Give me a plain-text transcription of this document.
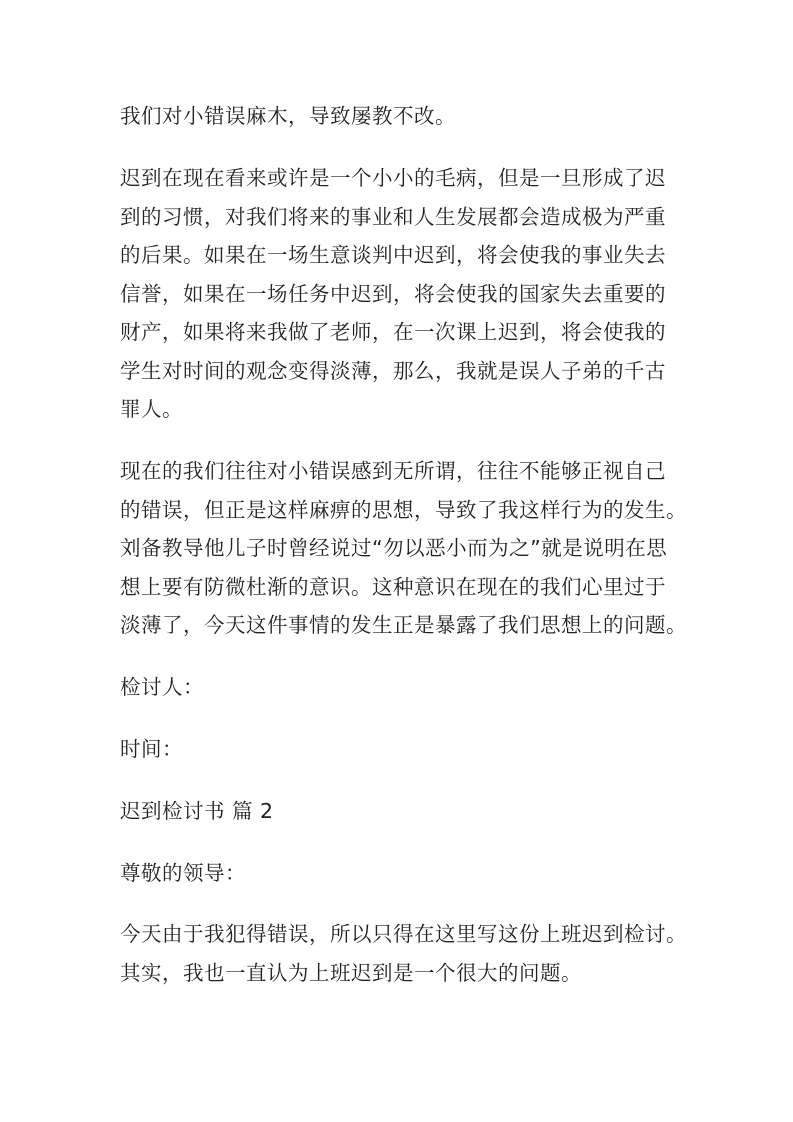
我们对小错误麻木，导致屡教不改。
迟到在现在看来或许是一个小小的毛病，但是一旦形成了迟
到的习惯，对我们将来的事业和人生发展都会造成极为严重
的后果。如果在一场生意谈判中迟到，将会使我的事业失去
信誉，如果在一场任务中迟到，将会使我的国家失去重要的
财产，如果将来我做了老师，在一次课上迟到，将会使我的
学生对时间的观念变得淡薄，那么，我就是误人子弟的千古
罪人。
现在的我们往往对小错误感到无所谓，往往不能够正视自己
的错误，但正是这样麻痹的思想，导致了我这样行为的发生。
刘备教导他儿子时曾经说过“勿以恶小而为之”就是说明在思
想上要有防微杜渐的意识。这种意识在现在的我们心里过于
淡薄了，今天这件事情的发生正是暴露了我们思想上的问题。
检讨人：
时间：
迟到检讨书 篇 2
尊敬的领导：
今天由于我犯得错误，所以只得在这里写这份上班迟到检讨。
其实，我也一直认为上班迟到是一个很大的问题。
